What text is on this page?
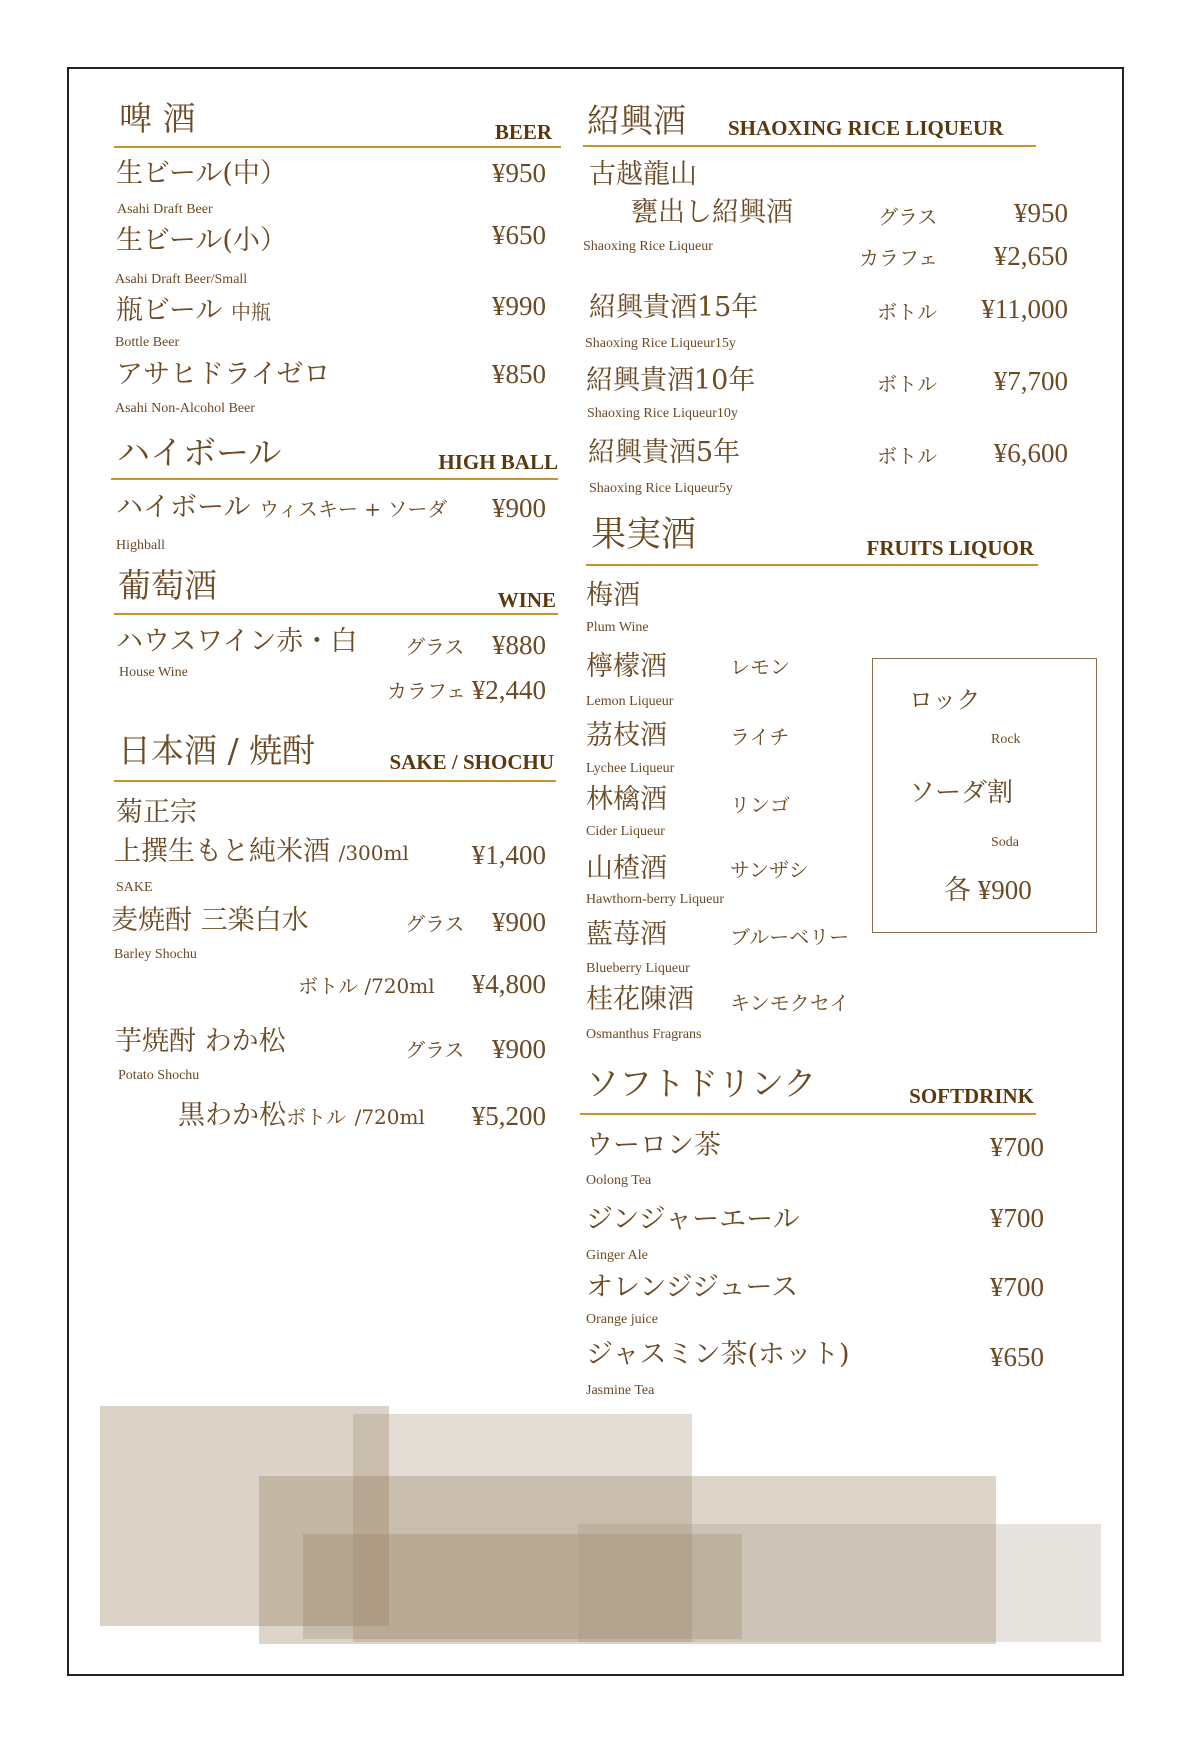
啤 酒	BEER
生ビール(中）	¥950
Asahi Draft Beer
生ビール(小）	¥650
Asahi Draft Beer/Small
瓶ビール 中瓶	¥990
Bottle Beer
アサヒドライゼロ	¥850
Asahi Non-Alcohol Beer
ハイボール	HIGH BALL
ハイボール ウィスキー + ソーダ ¥900
Highball
葡萄酒	WINE
ハウスワイン赤・白 グラス ¥880
House Wine
カラフェ ¥2,440
日本酒 / 焼酎	SAKE / SHOCHU
菊正宗
上撰生もと純米酒 /300ml ¥1,400
SAKE
麦焼酎 三楽白水	グラス ¥900
Barley Shochu
ボトル /720ml ¥4,800
芋焼酎 わか松	グラス ¥900
Potato Shochu
黒わか松ボトル /720ml ¥5,200
紹興酒 SHAOXING RICE LIQUEUR
古越龍山
甕出し紹興酒	グラス	¥950
Shaoxing Rice Liqueur	カラフェ ¥2,650
紹興貴酒15年	ボトル ¥11,000
Shaoxing Rice Liqueur15y
紹興貴酒10年	ボトル ¥7,700
Shaoxing Rice Liqueur10y
紹興貴酒5年	ボトル ¥6,600
Shaoxing Rice Liqueur5y
果実酒	FRUITS LIQUOR
梅酒
Plum Wine
檸檬酒	レモン
Lemon Liqueur
茘枝酒	ライチ
Lychee Liqueur
林檎酒	リンゴ
Cider Liqueur
山楂酒	サンザシ
Hawthorn-berry Liqueur
藍苺酒	ブルーベリー
Blueberry Liqueur
桂花陳酒 キンモクセイ
Osmanthus Fragrans
ロック
Rock
ソーダ割
Soda
各 ¥900
ソフトドリンク	SOFTDRINK
ウーロン茶	¥700
Oolong Tea
ジンジャーエール	¥700
Ginger Ale
オレンジジュース	¥700
Orange juice
ジャスミン茶(ホット)	¥650
Jasmine Tea
